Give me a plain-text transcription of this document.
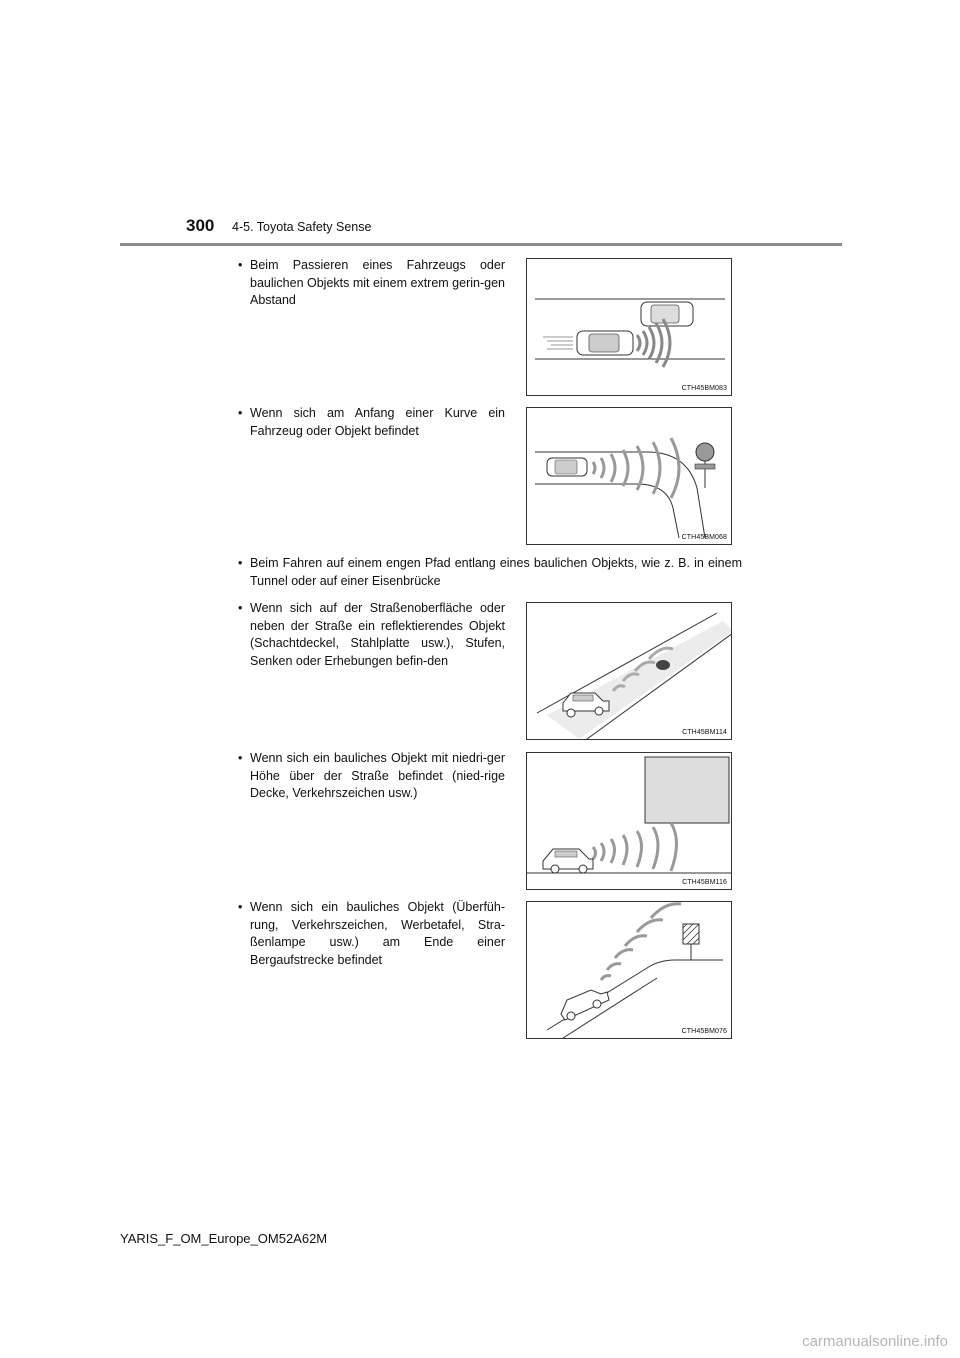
300 4-5. Toyota Safety Sense
• Beim Passieren eines Fahrzeugs oder baulichen Objekts mit einem extrem gerin-gen Abstand
CTH45BM083
• Wenn sich am Anfang einer Kurve ein Fahrzeug oder Objekt befindet
CTH45BM068
• Beim Fahren auf einem engen Pfad entlang eines baulichen Objekts, wie z. B. in einem Tunnel oder auf einer Eisenbrücke
• Wenn sich auf der Straßenoberfläche oder neben der Straße ein reflektierendes Objekt (Schachtdeckel, Stahlplatte usw.), Stufen, Senken oder Erhebungen befin-den
CTH45BM114
• Wenn sich ein bauliches Objekt mit niedri-ger Höhe über der Straße befindet (nied-rige Decke, Verkehrszeichen usw.)
CTH45BM116
• Wenn sich ein bauliches Objekt (Überfüh-rung, Verkehrszeichen, Werbetafel, Stra-ßenlampe usw.) am Ende einer Bergaufstrecke befindet
CTH45BM076
YARIS_F_OM_Europe_OM52A62M
carmanualsonline.info
